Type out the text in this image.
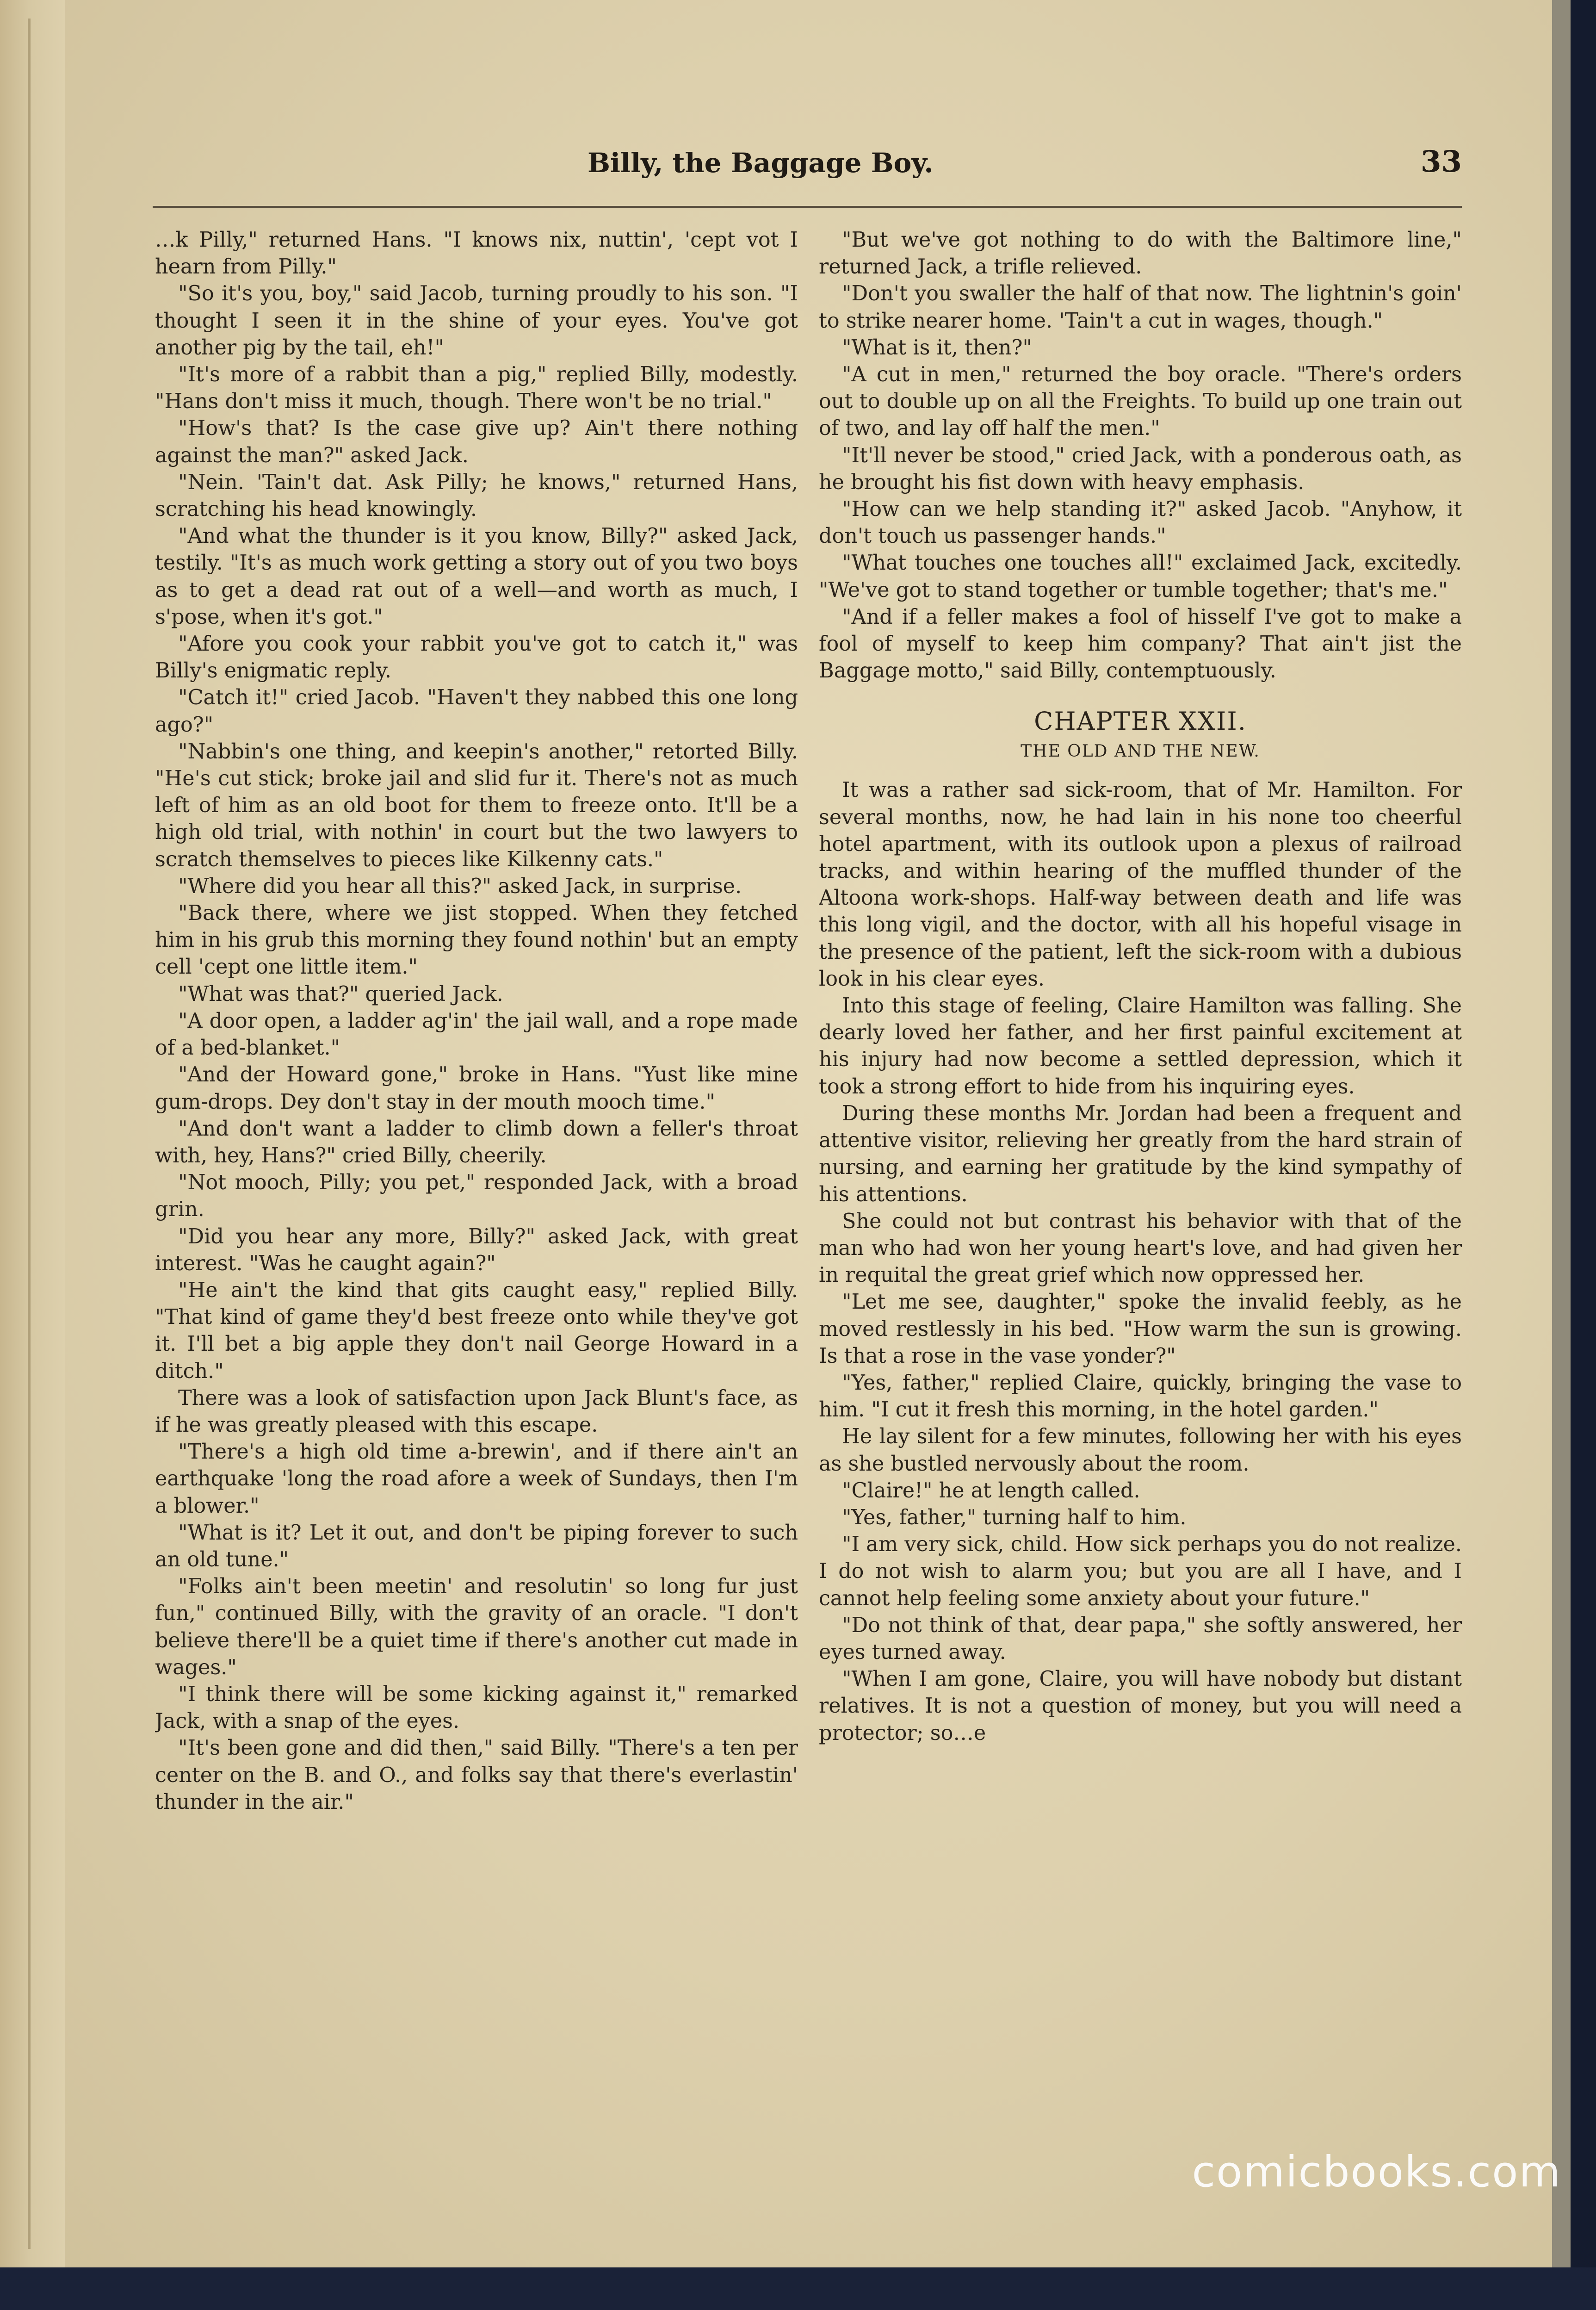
Billy, the Baggage Boy.	33

…k Pilly," returned Hans. "I knows nix, nuttin', 'cept vot I hearn from Pilly."

"So it's you, boy," said Jacob, turning proudly to his son. "I thought I seen it in the shine of your eyes. You've got another pig by the tail, eh!"

"It's more of a rabbit than a pig," replied Billy, modestly. "Hans don't miss it much, though. There won't be no trial."

"How's that? Is the case give up? Ain't there nothing against the man?" asked Jack.

"Nein. 'Tain't dat. Ask Pilly; he knows," returned Hans, scratching his head knowingly.

"And what the thunder is it you know, Billy?" asked Jack, testily. "It's as much work getting a story out of you two boys as to get a dead rat out of a well—and worth as much, I s'pose, when it's got."

"Afore you cook your rabbit you've got to catch it," was Billy's enigmatic reply.

"Catch it!" cried Jacob. "Haven't they nabbed this one long ago?"

"Nabbin's one thing, and keepin's another," retorted Billy. "He's cut stick; broke jail and slid fur it. There's not as much left of him as an old boot for them to freeze onto. It'll be a high old trial, with nothin' in court but the two lawyers to scratch themselves to pieces like Kilkenny cats."

"Where did you hear all this?" asked Jack, in surprise.

"Back there, where we jist stopped. When they fetched him in his grub this morning they found nothin' but an empty cell 'cept one little item."

"What was that?" queried Jack.

"A door open, a ladder ag'in' the jail wall, and a rope made of a bed-blanket."

"And der Howard gone," broke in Hans. "Yust like mine gum-drops. Dey don't stay in der mouth mooch time."

"And don't want a ladder to climb down a feller's throat with, hey, Hans?" cried Billy, cheerily.

"Not mooch, Pilly; you pet," responded Jack, with a broad grin.

"Did you hear any more, Billy?" asked Jack, with great interest. "Was he caught again?"

"He ain't the kind that gits caught easy," replied Billy. "That kind of game they'd best freeze onto while they've got it. I'll bet a big apple they don't nail George Howard in a ditch."

There was a look of satisfaction upon Jack Blunt's face, as if he was greatly pleased with this escape.

"There's a high old time a-brewin', and if there ain't an earthquake 'long the road afore a week of Sundays, then I'm a blower."

"What is it? Let it out, and don't be piping forever to such an old tune."

"Folks ain't been meetin' and resolutin' so long fur just fun," continued Billy, with the gravity of an oracle. "I don't believe there'll be a quiet time if there's another cut made in wages."

"I think there will be some kicking against it," remarked Jack, with a snap of the eyes.

"It's been gone and did then," said Billy. "There's a ten per center on the B. and O., and folks say that there's everlastin' thunder in the air."

"But we've got nothing to do with the Baltimore line," returned Jack, a trifle relieved.

"Don't you swaller the half of that now. The lightnin's goin' to strike nearer home. 'Tain't a cut in wages, though."

"What is it, then?"

"A cut in men," returned the boy oracle. "There's orders out to double up on all the Freights. To build up one train out of two, and lay off half the men."

"It'll never be stood," cried Jack, with a ponderous oath, as he brought his fist down with heavy emphasis.

"How can we help standing it?" asked Jacob. "Anyhow, it don't touch us passenger hands."

"What touches one touches all!" exclaimed Jack, excitedly. "We've got to stand together or tumble together; that's me."

"And if a feller makes a fool of hisself I've got to make a fool of myself to keep him company? That ain't jist the Baggage motto," said Billy, contemptuously.

CHAPTER XXII.
THE OLD AND THE NEW.

It was a rather sad sick-room, that of Mr. Hamilton. For several months, now, he had lain in his none too cheerful hotel apartment, with its outlook upon a plexus of railroad tracks, and within hearing of the muffled thunder of the Altoona work-shops. Half-way between death and life was this long vigil, and the doctor, with all his hopeful visage in the presence of the patient, left the sick-room with a dubious look in his clear eyes.

Into this stage of feeling, Claire Hamilton was falling. She dearly loved her father, and her first painful excitement at his injury had now become a settled depression, which it took a strong effort to hide from his inquiring eyes.

During these months Mr. Jordan had been a frequent and attentive visitor, relieving her greatly from the hard strain of nursing, and earning her gratitude by the kind sympathy of his attentions.

She could not but contrast his behavior with that of the man who had won her young heart's love, and had given her in requital the great grief which now oppressed her.

"Let me see, daughter," spoke the invalid feebly, as he moved restlessly in his bed. "How warm the sun is growing. Is that a rose in the vase yonder?"

"Yes, father," replied Claire, quickly, bringing the vase to him. "I cut it fresh this morning, in the hotel garden."

He lay silent for a few minutes, following her with his eyes as she bustled nervously about the room.

"Claire!" he at length called.

"Yes, father," turning half to him.

"I am very sick, child. How sick perhaps you do not realize. I do not wish to alarm you; but you are all I have, and I cannot help feeling some anxiety about your future."

"Do not think of that, dear papa," she softly answered, her eyes turned away.

"When I am gone, Claire, you will have nobody but distant relatives. It is not a question of money, but you will need a protector; so…e

comicbooks.com
